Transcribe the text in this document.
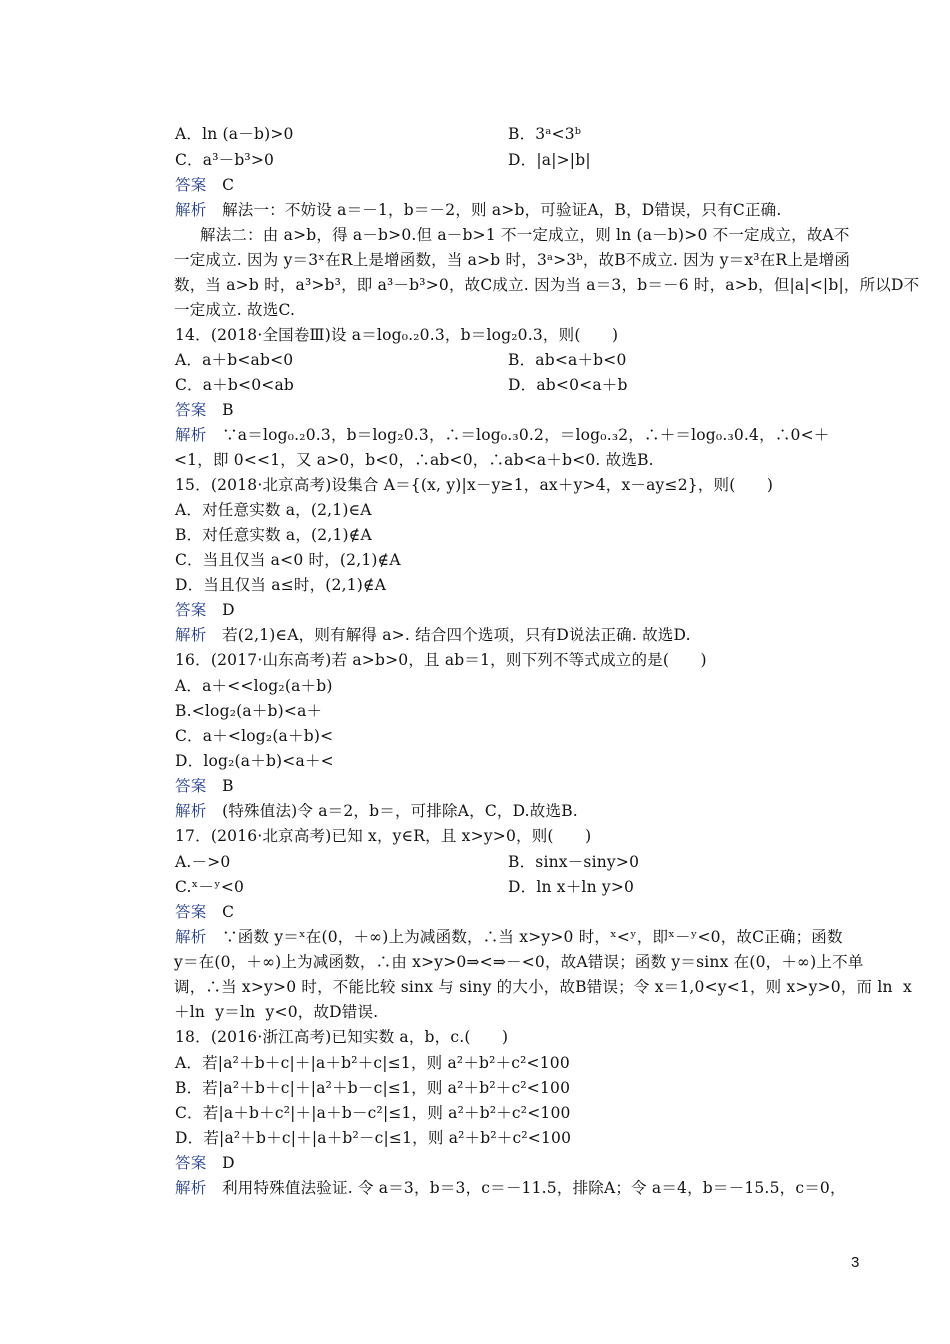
A．ln (a－b)>0	B．3ᵃ<3ᵇ
C．a³－b³>0	D．|a|>|b|
答案　C
解析　解法一：不妨设 a＝－1，b＝－2，则 a>b，可验证A，B，D错误，只有C正确.
解法二：由 a>b，得 a－b>0.但 a－b>1 不一定成立，则 ln (a－b)>0 不一定成立，故A不
一定成立. 因为 y＝3ˣ在R上是增函数，当 a>b 时，3ᵃ>3ᵇ，故B不成立. 因为 y＝x³在R上是增函
数，当 a>b 时，a³>b³，即 a³－b³>0，故C成立. 因为当 a＝3，b＝－6 时，a>b，但|a|<|b|，所以D不
一定成立. 故选C.
14．(2018·全国卷Ⅲ)设 a＝log₀.₂0.3，b＝log₂0.3，则(　　)
A．a＋b<ab<0	B．ab<a＋b<0
C．a＋b<0<ab	D．ab<0<a＋b
答案　B
解析　∵a＝log₀.₂0.3，b＝log₂0.3，∴＝log₀.₃0.2，＝log₀.₃2，∴＋＝log₀.₃0.4，∴0<＋
<1，即 0<<1，又 a>0，b<0，∴ab<0，∴ab<a＋b<0. 故选B.
15．(2018·北京高考)设集合 A＝{(x, y)|x－y≥1，ax＋y>4，x－ay≤2}，则(　　)
A．对任意实数 a，(2,1)∈A
B．对任意实数 a，(2,1)∉A
C．当且仅当 a<0 时，(2,1)∉A
D．当且仅当 a≤时，(2,1)∉A
答案　D
解析　若(2,1)∈A，则有解得 a>. 结合四个选项，只有D说法正确. 故选D.
16．(2017·山东高考)若 a>b>0，且 ab＝1，则下列不等式成立的是(　　)
A．a＋<<log₂(a＋b)
B.<log₂(a＋b)<a＋
C．a＋<log₂(a＋b)<
D．log₂(a＋b)<a＋<
答案　B
解析　(特殊值法)令 a＝2，b＝，可排除A，C，D.故选B.
17．(2016·北京高考)已知 x，y∈R，且 x>y>0，则(　　)
A.－>0	B．sinx－siny>0
C.ˣ－ʸ<0	D．ln x＋ln y>0
答案　C
解析　∵函数 y＝ˣ在(0，＋∞)上为减函数，∴当 x>y>0 时，ˣ<ʸ，即ˣ－ʸ<0，故C正确；函数
y＝在(0，＋∞)上为减函数，∴由 x>y>0⇒<⇒－<0，故A错误；函数 y＝sinx 在(0，＋∞)上不单
调，∴当 x>y>0 时，不能比较 sinx 与 siny 的大小，故B错误；令 x＝1,0<y<1，则 x>y>0，而 ln  x
＋ln  y＝ln  y<0，故D错误.
18．(2016·浙江高考)已知实数 a，b，c.(　　)
A．若|a²＋b＋c|＋|a＋b²＋c|≤1，则 a²＋b²＋c²<100
B．若|a²＋b＋c|＋|a²＋b－c|≤1，则 a²＋b²＋c²<100
C．若|a＋b＋c²|＋|a＋b－c²|≤1，则 a²＋b²＋c²<100
D．若|a²＋b＋c|＋|a＋b²－c|≤1，则 a²＋b²＋c²<100
答案　D
解析　利用特殊值法验证. 令 a＝3，b＝3，c＝－11.5，排除A；令 a＝4，b＝－15.5，c＝0，
3
